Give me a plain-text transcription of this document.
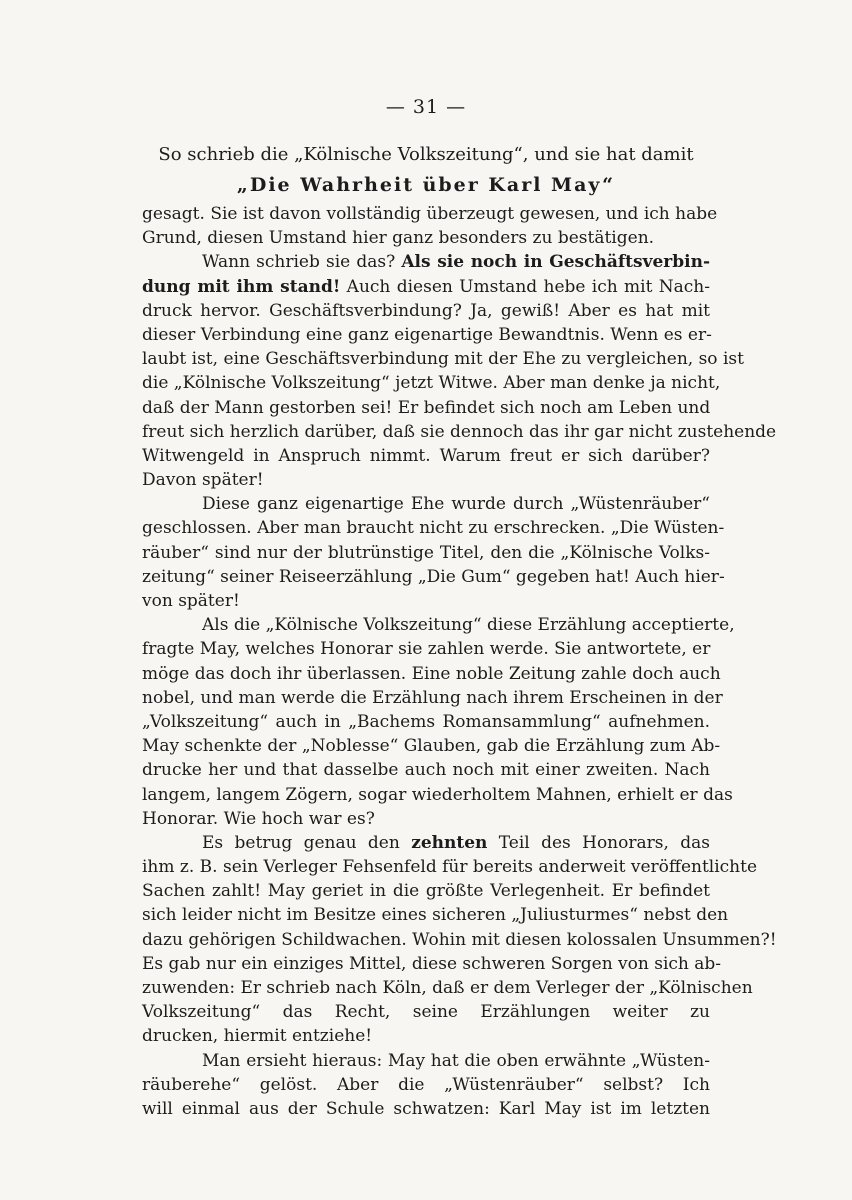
— 31 —
So schrieb die „Kölnische Volkszeitung“, und sie hat damit
„Die Wahrheit über Karl May“
gesagt. Sie ist davon vollständig überzeugt gewesen, und ich habe
Grund, diesen Umstand hier ganz besonders zu bestätigen.
Wann schrieb sie das? Als sie noch in Geschäftsverbin-
dung mit ihm stand! Auch diesen Umstand hebe ich mit Nach-
druck hervor. Geschäftsverbindung? Ja, gewiß! Aber es hat mit
dieser Verbindung eine ganz eigenartige Bewandtnis. Wenn es er-
laubt ist, eine Geschäftsverbindung mit der Ehe zu vergleichen, so ist
die „Kölnische Volkszeitung“ jetzt Witwe. Aber man denke ja nicht,
daß der Mann gestorben sei! Er befindet sich noch am Leben und
freut sich herzlich darüber, daß sie dennoch das ihr gar nicht zustehende
Witwengeld in Anspruch nimmt. Warum freut er sich darüber?
Davon später!
Diese ganz eigenartige Ehe wurde durch „Wüstenräuber“
geschlossen. Aber man braucht nicht zu erschrecken. „Die Wüsten-
räuber“ sind nur der blutrünstige Titel, den die „Kölnische Volks-
zeitung“ seiner Reiseerzählung „Die Gum“ gegeben hat! Auch hier-
von später!
Als die „Kölnische Volkszeitung“ diese Erzählung acceptierte,
fragte May, welches Honorar sie zahlen werde. Sie antwortete, er
möge das doch ihr überlassen. Eine noble Zeitung zahle doch auch
nobel, und man werde die Erzählung nach ihrem Erscheinen in der
„Volkszeitung“ auch in „Bachems Romansammlung“ aufnehmen.
May schenkte der „Noblesse“ Glauben, gab die Erzählung zum Ab-
drucke her und that dasselbe auch noch mit einer zweiten. Nach
langem, langem Zögern, sogar wiederholtem Mahnen, erhielt er das
Honorar. Wie hoch war es?
Es betrug genau den zehnten Teil des Honorars, das
ihm z. B. sein Verleger Fehsenfeld für bereits anderweit veröffentlichte
Sachen zahlt! May geriet in die größte Verlegenheit. Er befindet
sich leider nicht im Besitze eines sicheren „Juliusturmes“ nebst den
dazu gehörigen Schildwachen. Wohin mit diesen kolossalen Unsummen?!
Es gab nur ein einziges Mittel, diese schweren Sorgen von sich ab-
zuwenden: Er schrieb nach Köln, daß er dem Verleger der „Kölnischen
Volkszeitung“ das Recht, seine Erzählungen weiter zu
drucken, hiermit entziehe!
Man ersieht hieraus: May hat die oben erwähnte „Wüsten-
räuberehe“ gelöst. Aber die „Wüstenräuber“ selbst? Ich
will einmal aus der Schule schwatzen: Karl May ist im letzten
